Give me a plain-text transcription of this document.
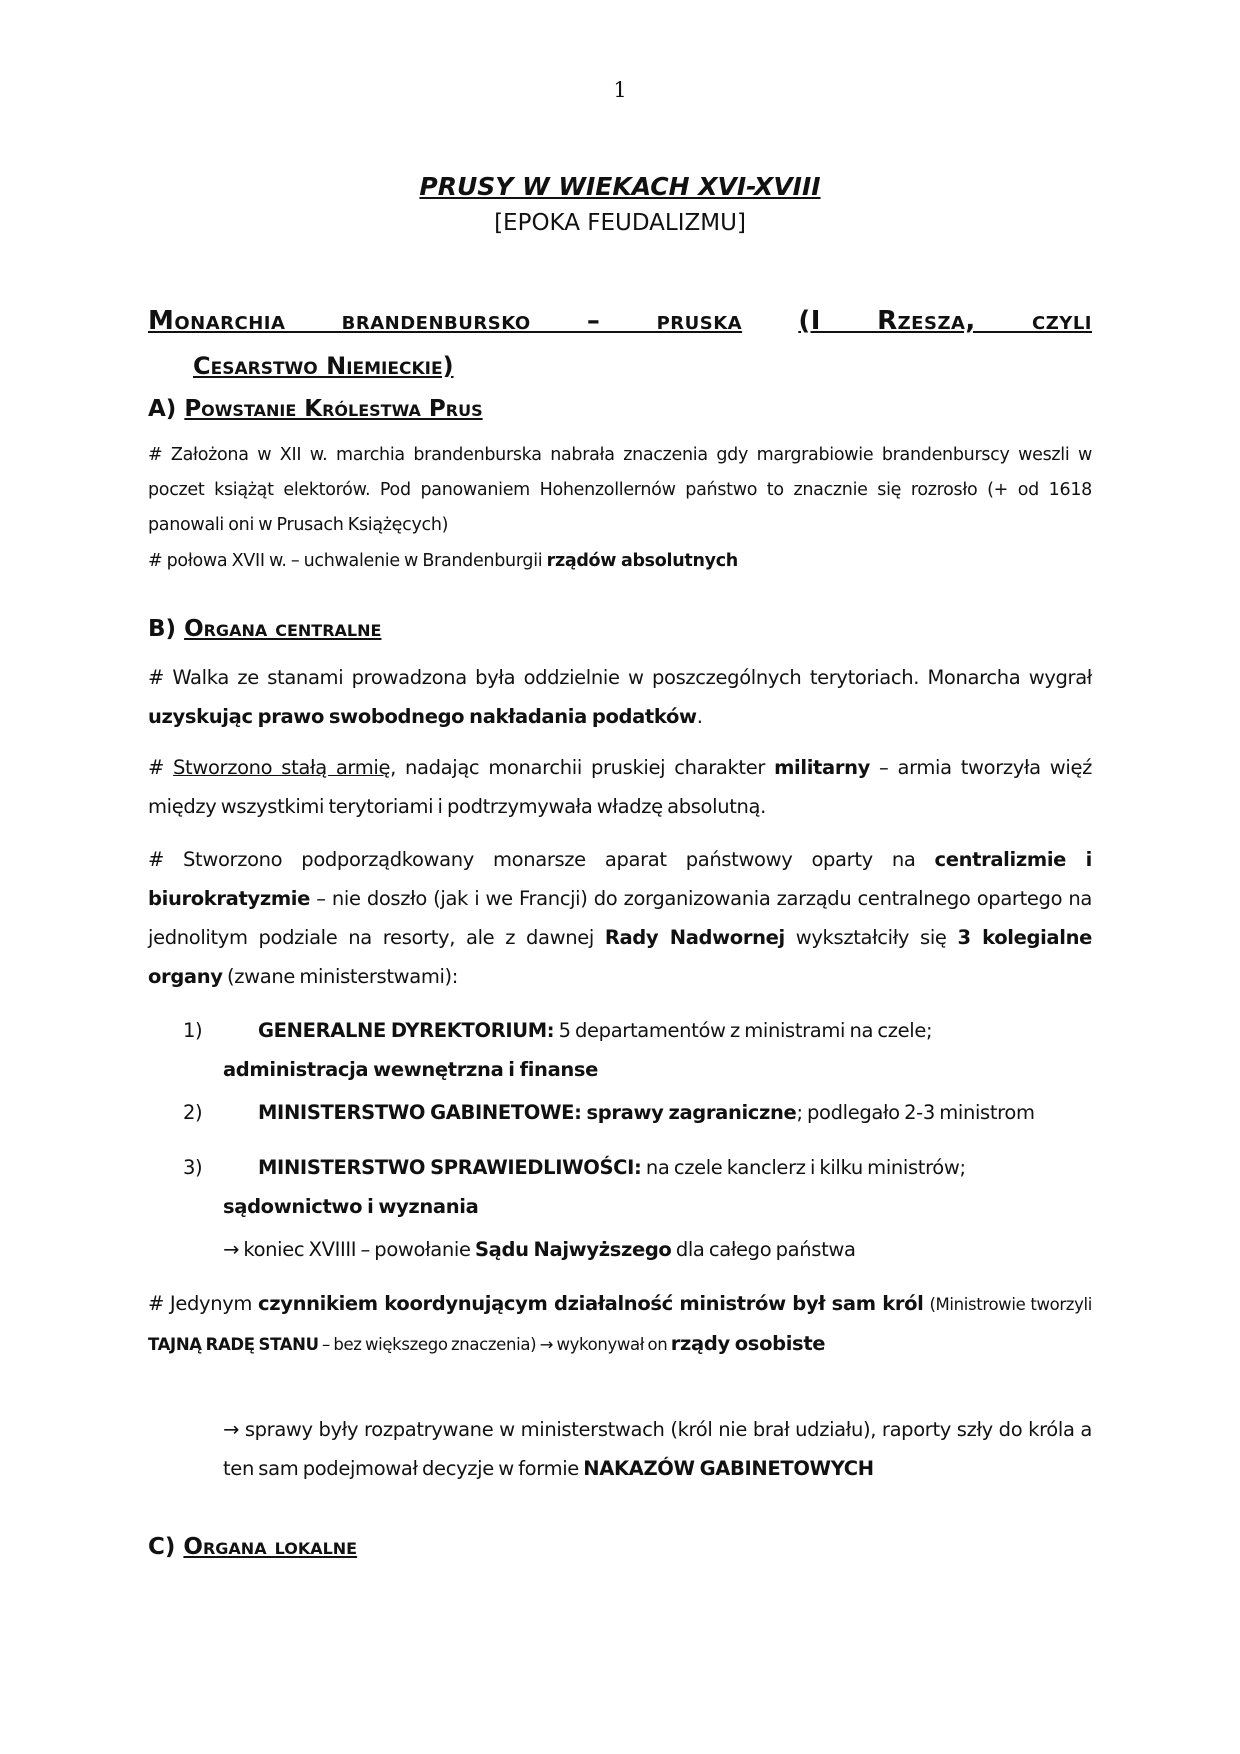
1
PRUSY W WIEKACH XVI-XVIII
[EPOKA FEUDALIZMU]
Monarchia brandenbursko – pruska (I Rzesza, czyli
Cesarstwo Niemieckie)
A) Powstanie Królestwa Prus
# Założona w XII w. marchia brandenburska nabrała znaczenia gdy margrabiowie brandenburscy weszli w poczet książąt elektorów. Pod panowaniem Hohenzollernów państwo to znacznie się rozrosło (+ od 1618 panowali oni w Prusach Książęcych)
# połowa XVII w. – uchwalenie w Brandenburgii rządów absolutnych
B) Organa centralne
# Walka ze stanami prowadzona była oddzielnie w poszczególnych terytoriach. Monarcha wygrał uzyskując prawo swobodnego nakładania podatków.
# Stworzono stałą armię, nadając monarchii pruskiej charakter militarny – armia tworzyła więź między wszystkimi terytoriami i podtrzymywała władzę absolutną.
# Stworzono podporządkowany monarsze aparat państwowy oparty na centralizmie i biurokratyzmie – nie doszło (jak i we Francji) do zorganizowania zarządu centralnego opartego na jednolitym podziale na resorty, ale z dawnej Rady Nadwornej wykształciły się 3 kolegialne organy (zwane ministerstwami):
1)	GENERALNE DYREKTORIUM: 5 departamentów z ministrami na czele;
administracja wewnętrzna i finanse
2)	MINISTERSTWO GABINETOWE: sprawy zagraniczne; podlegało 2-3 ministrom
3)	MINISTERSTWO SPRAWIEDLIWOŚCI: na czele kanclerz i kilku ministrów;
sądownictwo i wyznania
→ koniec XVIIII – powołanie Sądu Najwyższego dla całego państwa
# Jedynym czynnikiem koordynującym działalność ministrów był sam król (Ministrowie tworzyli TAJNĄ RADĘ STANU – bez większego znaczenia) → wykonywał on rządy osobiste
→ sprawy były rozpatrywane w ministerstwach (król nie brał udziału), raporty szły do króla a ten sam podejmował decyzje w formie NAKAZÓW GABINETOWYCH
C) Organa lokalne
